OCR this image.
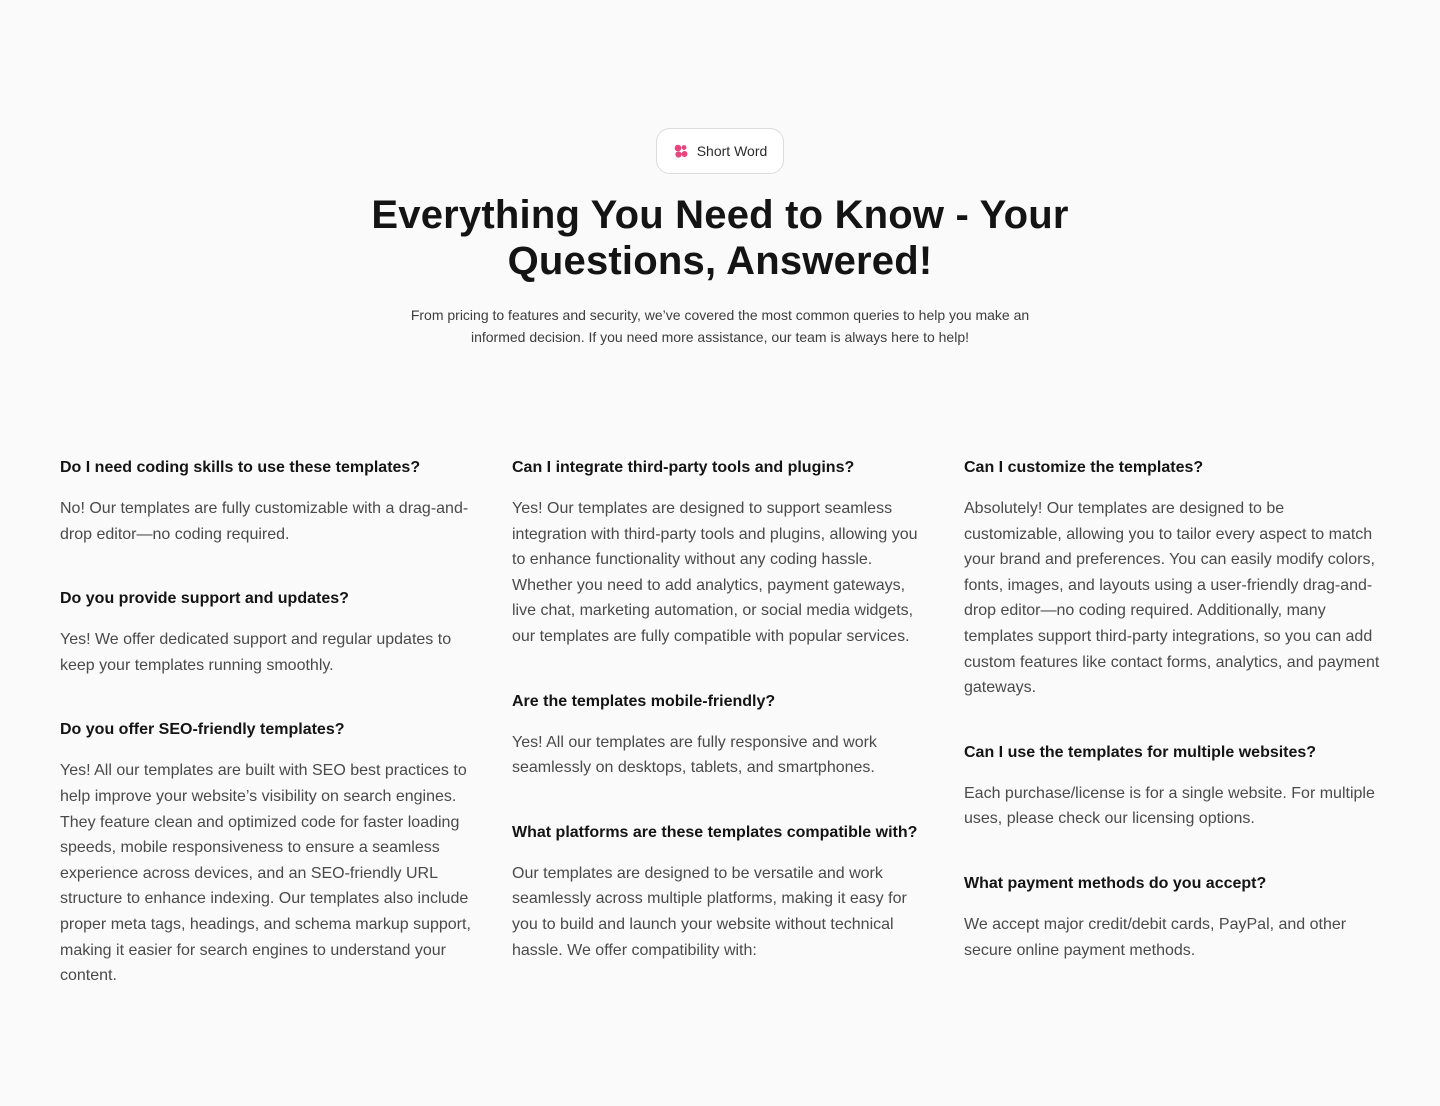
Short Word
Everything You Need to Know - Your Questions, Answered!

From pricing to features and security, we’ve covered the most common queries to help you make an informed decision. If you need more assistance, our team is always here to help!

Do I need coding skills to use these templates?

No! Our templates are fully customizable with a drag-and-drop editor—no coding required.

Do you provide support and updates?

Yes! We offer dedicated support and regular updates to keep your templates running smoothly.

Do you offer SEO-friendly templates?

Yes! All our templates are built with SEO best practices to help improve your website’s visibility on search engines. They feature clean and optimized code for faster loading speeds, mobile responsiveness to ensure a seamless experience across devices, and an SEO-friendly URL structure to enhance indexing. Our templates also include proper meta tags, headings, and schema markup support, making it easier for search engines to understand your content.

Can I integrate third-party tools and plugins?

Yes! Our templates are designed to support seamless integration with third-party tools and plugins, allowing you to enhance functionality without any coding hassle. Whether you need to add analytics, payment gateways, live chat, marketing automation, or social media widgets, our templates are fully compatible with popular services.

Are the templates mobile-friendly?

Yes! All our templates are fully responsive and work seamlessly on desktops, tablets, and smartphones.

What platforms are these templates compatible with?

Our templates are designed to be versatile and work seamlessly across multiple platforms, making it easy for you to build and launch your website without technical hassle. We offer compatibility with:

Can I customize the templates?

Absolutely! Our templates are designed to be customizable, allowing you to tailor every aspect to match your brand and preferences. You can easily modify colors, fonts, images, and layouts using a user-friendly drag-and-drop editor—no coding required. Additionally, many templates support third-party integrations, so you can add custom features like contact forms, analytics, and payment gateways.

Can I use the templates for multiple websites?

Each purchase/license is for a single website. For multiple uses, please check our licensing options.

What payment methods do you accept?

We accept major credit/debit cards, PayPal, and other secure online payment methods.
